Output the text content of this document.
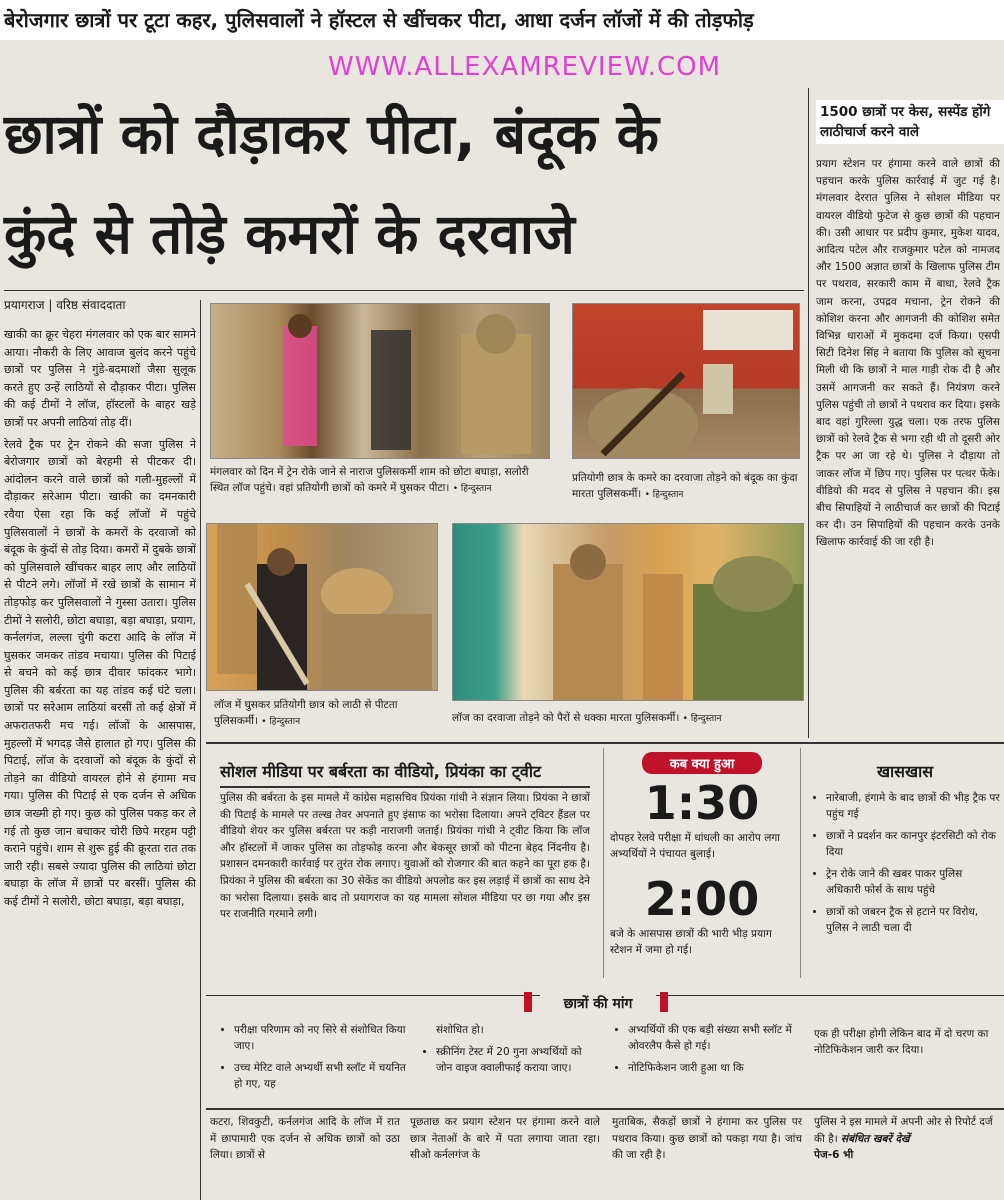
बेरोजगार छात्रों पर टूटा कहर, पुलिसवालों ने हॉस्टल से खींचकर पीटा, आधा दर्जन लॉजों में की तोड़फोड़
WWW.ALLEXAMREVIEW.COM
छात्रों को दौड़ाकर पीटा, बंदूक के
कुंदे से तोड़े कमरों के दरवाजे
प्रयागराज | वरिष्ठ संवाददाता

खाकी का क्रूर चेहरा मंगलवार को एक बार सामने आया। नौकरी के लिए आवाज बुलंद करने पहुंचे छात्रों पर पुलिस ने गुंडे-बदमाशों जैसा सुलूक करते हुए उन्हें लाठियों से दौड़ाकर पीटा। पुलिस की कई टीमों ने लॉज, हॉस्टलों के बाहर खड़े छात्रों पर अपनी लाठियां तोड़ दीं।

रेलवे ट्रैक पर ट्रेन रोकने की सजा पुलिस ने बेरोजगार छात्रों को बेरहमी से पीटकर दी। आंदोलन करने वाले छात्रों को गली-मुहल्लों में दौड़ाकर सरेआम पीटा। खाकी का दमनकारी रवैया ऐसा रहा कि कई लॉजों में पहुंचे पुलिसवालों ने छात्रों के कमरों के दरवाजों को बंदूक के कुंदों से तोड़ दिया। कमरों में दुबके छात्रों को पुलिसवाले खींचकर बाहर लाए और लाठियों से पीटने लगे। लॉजों में रखे छात्रों के सामान में तोड़फोड़ कर पुलिसवालों ने गुस्सा उतारा। पुलिस टीमों ने सलोरी, छोटा बघाड़ा, बड़ा बघाड़ा, प्रयाग, कर्नलगंज, लल्ला चुंगी कटरा आदि के लॉज में घुसकर जमकर तांडव मचाया। पुलिस की पिटाई से बचने को कई छात्र दीवार फांदकर भागे। पुलिस की बर्बरता का यह तांडव कई घंटे चला। छात्रों पर सरेआम लाठियां बरसीं तो कई क्षेत्रों में अफरातफरी मच गई। लॉजों के आसपास, मुहल्लों में भगदड़ जैसे हालात हो गए। पुलिस की पिटाई, लॉज के दरवाजों को बंदूक के कुंदों से तोड़ने का वीडियो वायरल होने से हंगामा मच गया। पुलिस की पिटाई से एक दर्जन से अधिक छात्र जख्मी हो गए। कुछ को पुलिस पकड़ कर ले गई तो कुछ जान बचाकर चोरी छिपे मरहम पट्टी कराने पहुंचे। शाम से शुरू हुई की क्रूरता रात तक जारी रही। सबसे ज्यादा पुलिस की लाठियां छोटा बघाड़ा के लॉज में छात्रों पर बरसीं। पुलिस की कई टीमों ने सलोरी, छोटा बघाड़ा, बड़ा बघाड़ा,

मंगलवार को दिन में ट्रेन रोके जाने से नाराज पुलिसकर्मी शाम को छोटा बघाड़ा, सलोरी स्थित लॉज पहुंचे। वहां प्रतियोगी छात्रों को कमरे में घुसकर पीटा। • हिन्दुस्तान
प्रतियोगी छात्र के कमरे का दरवाजा तोड़ने को बंदूक का कुंदा मारता पुलिसकर्मी। • हिन्दुस्तान
लॉज में घुसकर प्रतियोगी छात्र को लाठी से पीटता पुलिसकर्मी। • हिन्दुस्तान	लॉज का दरवाजा तोड़ने को पैरों से धक्का मारता पुलिसकर्मी। • हिन्दुस्तान
1500 छात्रों पर केस, सस्पेंड होंगे लाठीचार्ज करने वाले
प्रयाग स्टेशन पर हंगामा करने वाले छात्रों की पहचान करके पुलिस कार्रवाई में जुट गई है। मंगलवार देररात पुलिस ने सोशल मीडिया पर वायरल वीडियो फुटेज से कुछ छात्रों की पहचान की। उसी आधार पर प्रदीप कुमार, मुकेश यादव, आदित्य पटेल और राजकुमार पटेल को नामजद और 1500 अज्ञात छात्रों के खिलाफ पुलिस टीम पर पथराव, सरकारी काम में बाधा, रेलवे ट्रैक जाम करना, उपद्रव मचाना, ट्रेन रोकने की कोशिश करना और आगजनी की कोशिश समेत विभिन्न धाराओं में मुकदमा दर्ज किया। एसपी सिटी दिनेश सिंह ने बताया कि पुलिस को सूचना मिली थी कि छात्रों ने माल गाड़ी रोक दी है और उसमें आगजनी कर सकते हैं। नियंत्रण करने पुलिस पहुंची तो छात्रों ने पथराव कर दिया। इसके बाद वहां गुरिल्ला युद्ध चला। एक तरफ पुलिस छात्रों को रेलवे ट्रैक से भगा रही थी तो दूसरी ओर ट्रैक पर आ जा रहे थे। पुलिस ने दौड़ाया तो जाकर लॉज में छिप गए। पुलिस पर पत्थर फेंके। वीडियो की मदद से पुलिस ने पहचान की। इस बीच सिपाहियों ने लाठीचार्ज कर छात्रों की पिटाई कर दी। उन सिपाहियों की पहचान करके उनके खिलाफ कार्रवाई की जा रही है।
सोशल मीडिया पर बर्बरता का वीडियो, प्रियंका का ट्वीट
पुलिस की बर्बरता के इस मामले में कांग्रेस महासचिव प्रियंका गांधी ने संज्ञान लिया। प्रियंका ने छात्रों की पिटाई के मामले पर तल्ख तेवर अपनाते हुए इंसाफ का भरोसा दिलाया। अपने ट्विटर हैंडल पर वीडियो शेयर कर पुलिस बर्बरता पर कड़ी नाराजगी जताई। प्रियंका गांधी ने ट्वीट किया कि लॉज और हॉस्टलों में जाकर पुलिस का तोड़फोड़ करना और बेकसूर छात्रों को पीटना बेहद निंदनीय है। प्रशासन दमनकारी कार्रवाई पर तुरंत रोक लगाए। युवाओं को रोजगार की बात कहने का पूरा हक है। प्रियंका ने पुलिस की बर्बरता का 30 सेकेंड का वीडियो अपलोड कर इस लड़ाई में छात्रों का साथ देने का भरोसा दिलाया। इसके बाद तो प्रयागराज का यह मामला सोशल मीडिया पर छा गया और इस पर राजनीति गरमाने लगी।
कब क्या हुआ
1:30
दोपहर रेलवे परीक्षा में धांधली का आरोप लगा अभ्यर्थियों ने पंचायत बुलाई।
2:00
बजे के आसपास छात्रों की भारी भीड़ प्रयाग स्टेशन में जमा हो गई।
खासखास
• नारेबाजी, हंगामे के बाद छात्रों की भीड़ ट्रैक पर पहुंच गई
• छात्रों ने प्रदर्शन कर कानपुर इंटरसिटी को रोक दिया
• ट्रेन रोके जाने की खबर पाकर पुलिस अधिकारी फोर्स के साथ पहुंचे
• छात्रों को जबरन ट्रैक से हटाने पर विरोध, पुलिस ने लाठी चला दी
छात्रों की मांग
• परीक्षा परिणाम को नए सिरे से संशोधित किया जाए।
• उच्च मेरिट वाले अभ्यर्थी सभी स्लॉट में चयनित हो गए, यह
संशोधित हो।
• स्क्रीनिंग टेस्ट में 20 गुना अभ्यर्थियों को जोन वाइज क्वालीफाई कराया जाए।
• अभ्यर्थियों की एक बड़ी संख्या सभी स्लॉट में ओवरलैप कैसे हो गई।
• नोटिफिकेशन जारी हुआ था कि
एक ही परीक्षा होगी लेकिन बाद में दो चरण का नोटिफिकेशन जारी कर दिया।
कटरा, शिवकुटी, कर्नलगंज आदि के लॉज में रात में छापामारी एक दर्जन से अधिक छात्रों को उठा लिया। छात्रों से
पूछताछ कर प्रयाग स्टेशन पर हंगामा करने वाले छात्र नेताओं के बारे में पता लगाया जाता रहा। सीओ कर्नलगंज के
मुताबिक, सैकड़ों छात्रों ने हंगामा कर पुलिस पर पथराव किया। कुछ छात्रों को पकड़ा गया है। जांच की जा रही है।
पुलिस ने इस मामले में अपनी ओर से रिपोर्ट दर्ज की है। संबंधित खबरें देखें
पेज-6 भी
